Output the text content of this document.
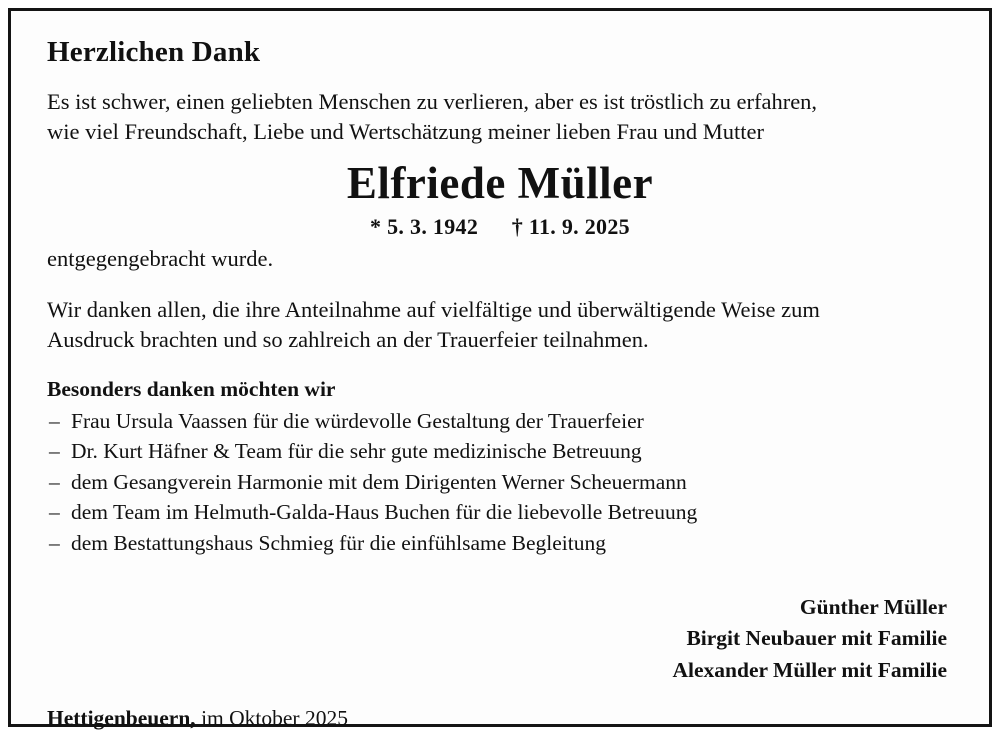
Herzlichen Dank

Es ist schwer, einen geliebten Menschen zu verlieren, aber es ist tröstlich zu erfahren,
wie viel Freundschaft, Liebe und Wertschätzung meiner lieben Frau und Mutter

Elfriede Müller
* 5. 3. 1942 † 11. 9. 2025

entgegengebracht wurde.

Wir danken allen, die ihre Anteilnahme auf vielfältige und überwältigende Weise zum
Ausdruck brachten und so zahlreich an der Trauerfeier teilnahmen.

Besonders danken möchten wir
– Frau Ursula Vaassen für die würdevolle Gestaltung der Trauerfeier
– Dr. Kurt Häfner & Team für die sehr gute medizinische Betreuung
– dem Gesangverein Harmonie mit dem Dirigenten Werner Scheuermann
– dem Team im Helmuth-Galda-Haus Buchen für die liebevolle Betreuung
– dem Bestattungshaus Schmieg für die einfühlsame Begleitung
Günther Müller
Birgit Neubauer mit Familie
Alexander Müller mit Familie
Hettigenbeuern, im Oktober 2025
